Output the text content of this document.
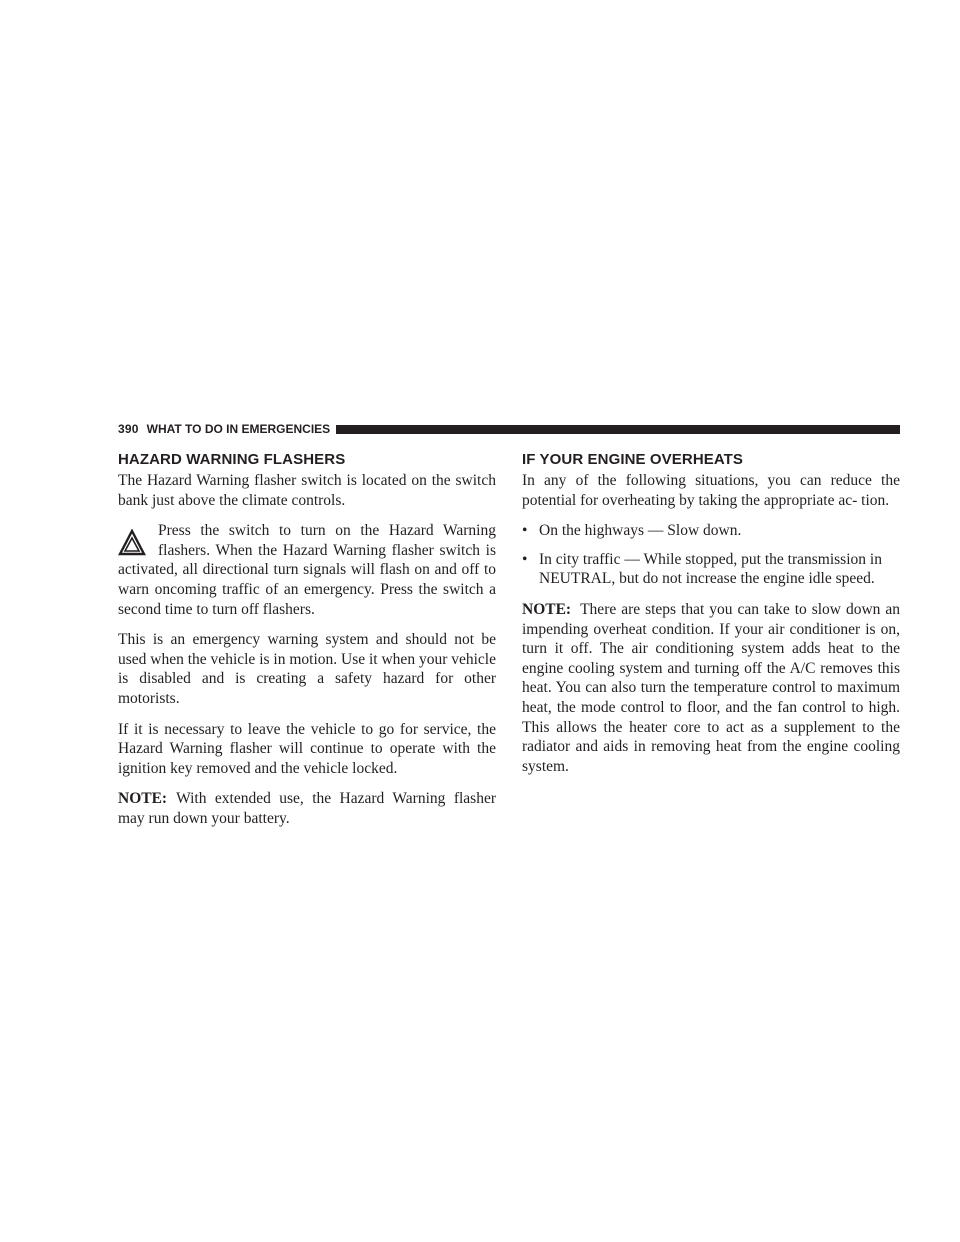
390 WHAT TO DO IN EMERGENCIES
HAZARD WARNING FLASHERS

The Hazard Warning flasher switch is located on the switch bank just above the climate controls.

Press the switch to turn on the Hazard Warning flashers. When the Hazard Warning flasher switch is activated, all directional turn signals will flash on and off to warn oncoming traffic of an emergency. Press the switch a second time to turn off flashers.

This is an emergency warning system and should not be used when the vehicle is in motion. Use it when your vehicle is disabled and is creating a safety hazard for other motorists.

If it is necessary to leave the vehicle to go for service, the Hazard Warning flasher will continue to operate with the ignition key removed and the vehicle locked.

NOTE: With extended use, the Hazard Warning flasher may run down your battery.

IF YOUR ENGINE OVERHEATS

In any of the following situations, you can reduce the potential for overheating by taking the appropriate ac- tion.

• On the highways — Slow down.
• In city traffic — While stopped, put the transmission in NEUTRAL, but do not increase the engine idle speed.

NOTE: There are steps that you can take to slow down an impending overheat condition. If your air conditioner is on, turn it off. The air conditioning system adds heat to the engine cooling system and turning off the A/C removes this heat. You can also turn the temperature control to maximum heat, the mode control to floor, and the fan control to high. This allows the heater core to act as a supplement to the radiator and aids in removing heat from the engine cooling system.
